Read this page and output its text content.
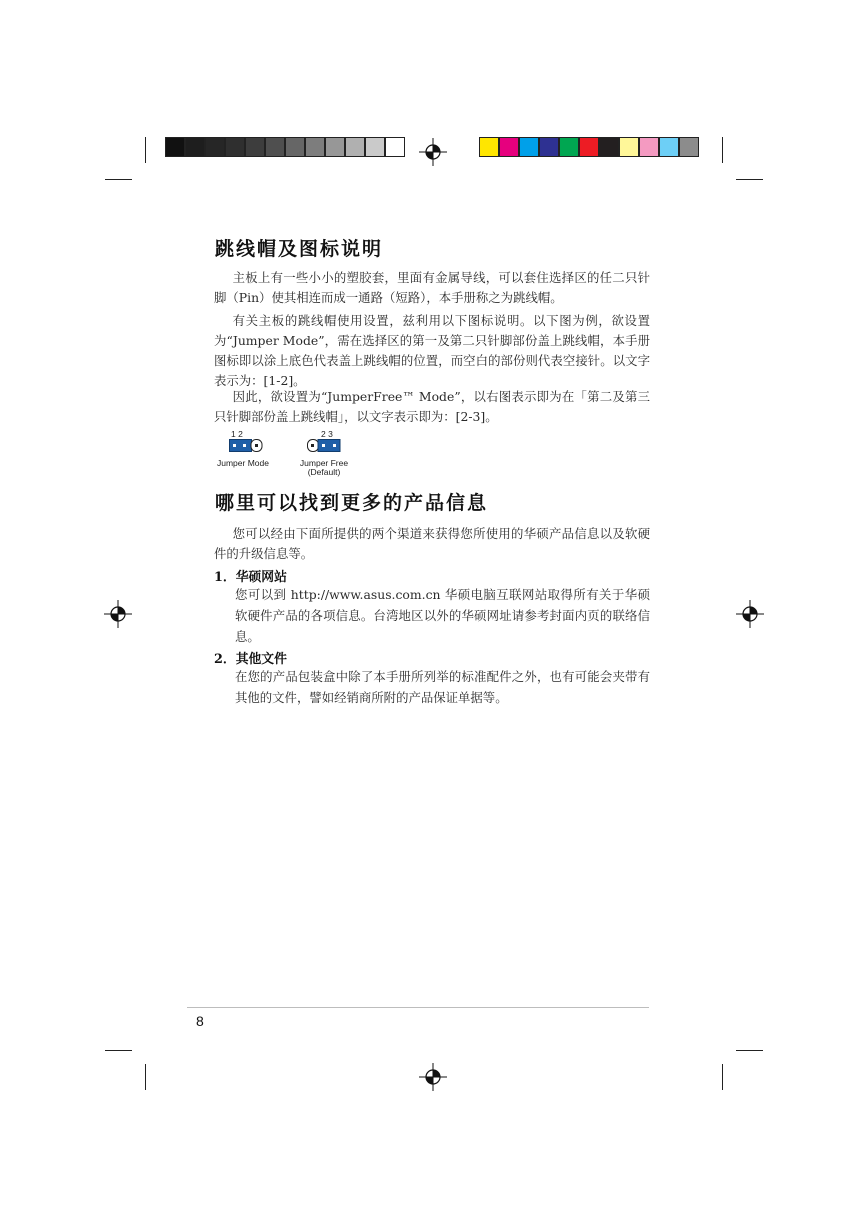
跳线帽及图标说明
主板上有一些小小的塑胶套，里面有金属导线，可以套住选择区的任二只针脚（Pin）使其相连而成一通路（短路），本手册称之为跳线帽。
有关主板的跳线帽使用设置，兹利用以下图标说明。以下图为例，欲设置为“Jumper Mode”，需在选择区的第一及第二只针脚部份盖上跳线帽，本手册图标即以涂上底色代表盖上跳线帽的位置，而空白的部份则代表空接针。以文字表示为：[1-2]。
因此，欲设置为“JumperFree™ Mode”，以右图表示即为在「第二及第三只针脚部份盖上跳线帽」，以文字表示即为：[2-3]。
1 2
Jumper Mode
2 3
Jumper Free
(Default)
哪里可以找到更多的产品信息
您可以经由下面所提供的两个渠道来获得您所使用的华硕产品信息以及软硬件的升级信息等。
1．华硕网站
您可以到 http://www.asus.com.cn 华硕电脑互联网站取得所有关于华硕软硬件产品的各项信息。台湾地区以外的华硕网址请参考封面内页的联络信息。
2．其他文件
在您的产品包装盒中除了本手册所列举的标准配件之外，也有可能会夹带有其他的文件，譬如经销商所附的产品保证单据等。
8
